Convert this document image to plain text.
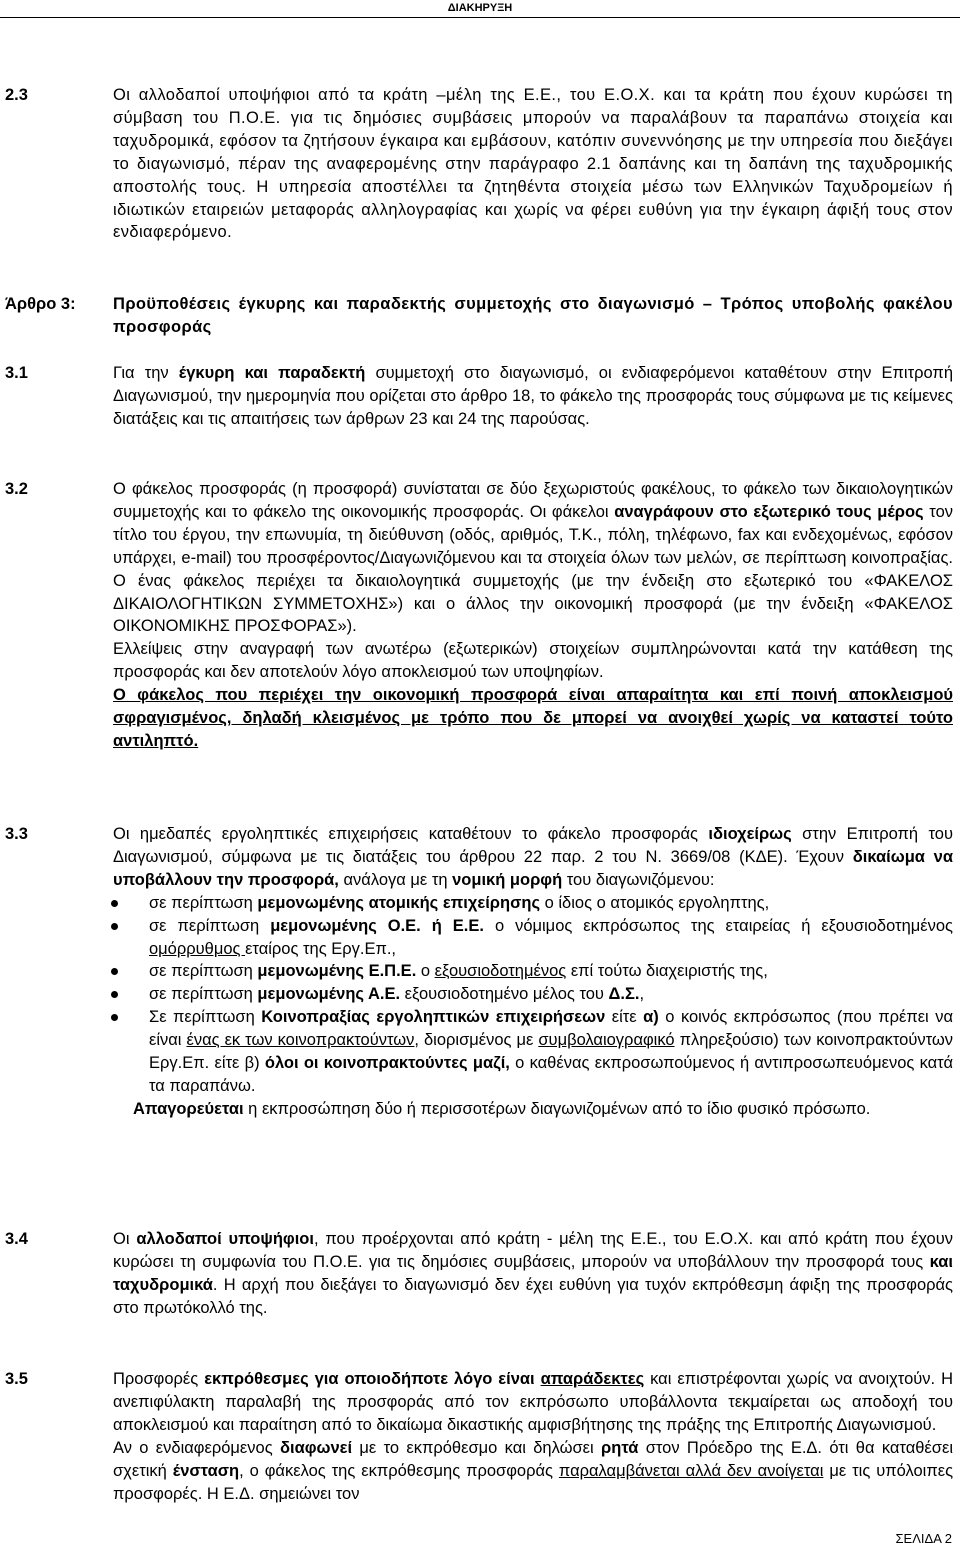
ΔΙΑΚΗΡΥΞΗ
2.3	Οι αλλοδαποί υποψήφιοι από τα κράτη –μέλη της Ε.Ε., του Ε.Ο.Χ. και τα κράτη που έχουν κυρώσει τη σύμβαση του Π.Ο.Ε. για τις δημόσιες συμβάσεις μπορούν να παραλάβουν τα παραπάνω στοιχεία και ταχυδρομικά, εφόσον τα ζητήσουν έγκαιρα και εμβάσουν, κατόπιν συνεννόησης με την υπηρεσία που διεξάγει το διαγωνισμό, πέραν της αναφερομένης στην παράγραφο 2.1 δαπάνης και τη δαπάνη της ταχυδρομικής αποστολής τους. Η υπηρεσία αποστέλλει τα ζητηθέντα στοιχεία μέσω των Ελληνικών Ταχυδρομείων ή ιδιωτικών εταιρειών μεταφοράς αλληλογραφίας και χωρίς να φέρει ευθύνη για την έγκαιρη άφιξή τους στον ενδιαφερόμενο.

Άρθρο 3: Προϋποθέσεις έγκυρης και παραδεκτής συμμετοχής στο διαγωνισμό – Τρόπος υποβολής φακέλου προσφοράς
3.1	Για την έγκυρη και παραδεκτή συμμετοχή στο διαγωνισμό, οι ενδιαφερόμενοι καταθέτουν στην Επιτροπή Διαγωνισμού, την ημερομηνία που ορίζεται στο άρθρο 18, το φάκελο της προσφοράς τους σύμφωνα με τις κείμενες διατάξεις και τις απαιτήσεις των άρθρων 23 και 24 της παρούσας.

3.2	Ο φάκελος προσφοράς (η προσφορά) συνίσταται σε δύο ξεχωριστούς φακέλους, το φάκελο των δικαιολογητικών συμμετοχής και το φάκελο της οικονομικής προσφοράς. Οι φάκελοι αναγράφουν στο εξωτερικό τους μέρος τον τίτλο του έργου, την επωνυμία, τη διεύθυνση (οδός, αριθμός, Τ.Κ., πόλη, τηλέφωνο, fax και ενδεχομένως, εφόσον υπάρχει, e-mail) του προσφέροντος/Διαγωνιζόμενου και τα στοιχεία όλων των μελών, σε περίπτωση κοινοπραξίας. Ο ένας φάκελος περιέχει τα δικαιολογητικά συμμετοχής (με την ένδειξη στο εξωτερικό του «ΦΑΚΕΛΟΣ ΔΙΚΑΙΟΛΟΓΗΤΙΚΩΝ ΣΥΜΜΕΤΟΧΗΣ») και ο άλλος την οικονομική προσφορά (με την ένδειξη «ΦΑΚΕΛΟΣ ΟΙΚΟΝΟΜΙΚΗΣ ΠΡΟΣΦΟΡΑΣ»).

Ελλείψεις στην αναγραφή των ανωτέρω (εξωτερικών) στοιχείων συμπληρώνονται κατά την κατάθεση της προσφοράς και δεν αποτελούν λόγο αποκλεισμού των υποψηφίων.

Ο φάκελος που περιέχει την οικονομική προσφορά είναι απαραίτητα και επί ποινή αποκλεισμού σφραγισμένος, δηλαδή κλεισμένος με τρόπο που δε μπορεί να ανοιχθεί χωρίς να καταστεί τούτο αντιληπτό.

3.3	Οι ημεδαπές εργοληπτικές επιχειρήσεις καταθέτουν το φάκελο προσφοράς ιδιοχείρως στην Επιτροπή του Διαγωνισμού, σύμφωνα με τις διατάξεις του άρθρου 22 παρ. 2 του Ν. 3669/08 (ΚΔΕ). Έχουν δικαίωμα να υποβάλλουν την προσφορά, ανάλογα με τη νομική μορφή του διαγωνιζόμενου:

σε περίπτωση μεμονωμένης ατομικής επιχείρησης ο ίδιος ο ατομικός εργοληπτης,
σε περίπτωση μεμονωμένης Ο.Ε. ή Ε.Ε. ο νόμιμος εκπρόσωπος της εταιρείας ή εξουσιοδοτημένος ομόρρυθμος εταίρος της Εργ.Επ.,
σε περίπτωση μεμονωμένης Ε.Π.Ε. ο εξουσιοδοτημένος επί τούτω διαχειριστής της,
σε περίπτωση μεμονωμένης Α.Ε. εξουσιοδοτημένο μέλος του Δ.Σ.,
Σε περίπτωση Κοινοπραξίας εργοληπτικών επιχειρήσεων είτε α) ο κοινός εκπρόσωπος (που πρέπει να είναι ένας εκ των κοινοπρακτούντων, διορισμένος με συμβολαιογραφικό πληρεξούσιο) των κοινοπρακτούντων Εργ.Επ. είτε β) όλοι οι κοινοπρακτούντες μαζί, ο καθένας εκπροσωπούμενος ή αντιπροσωπευόμενος κατά τα παραπάνω.

Απαγορεύεται η εκπροσώπηση δύο ή περισσοτέρων διαγωνιζομένων από το ίδιο φυσικό πρόσωπο.

3.4	Οι αλλοδαποί υποψήφιοι, που προέρχονται από κράτη - μέλη της Ε.Ε., του Ε.Ο.Χ. και από κράτη που έχουν κυρώσει τη συμφωνία του Π.Ο.Ε. για τις δημόσιες συμβάσεις, μπορούν να υποβάλλουν την προσφορά τους και ταχυδρομικά. Η αρχή που διεξάγει το διαγωνισμό δεν έχει ευθύνη για τυχόν εκπρόθεσμη άφιξη της προσφοράς στο πρωτόκολλό της.

3.5	Προσφορές εκπρόθεσμες για οποιοδήποτε λόγο είναι απαράδεκτες και επιστρέφονται χωρίς να ανοιχτούν. Η ανεπιφύλακτη παραλαβή της προσφοράς από τον εκπρόσωπο υποβάλλοντα τεκμαίρεται ως αποδοχή του αποκλεισμού και παραίτηση από το δικαίωμα δικαστικής αμφισβήτησης της πράξης της Επιτροπής Διαγωνισμού.

Αν ο ενδιαφερόμενος διαφωνεί με το εκπρόθεσμο και δηλώσει ρητά στον Πρόεδρο της Ε.Δ. ότι θα καταθέσει σχετική ένσταση, ο φάκελος της εκπρόθεσμης προσφοράς παραλαμβάνεται αλλά δεν ανοίγεται με τις υπόλοιπες προσφορές. Η Ε.Δ. σημειώνει τον

ΣΕΛΙΔΑ 2
